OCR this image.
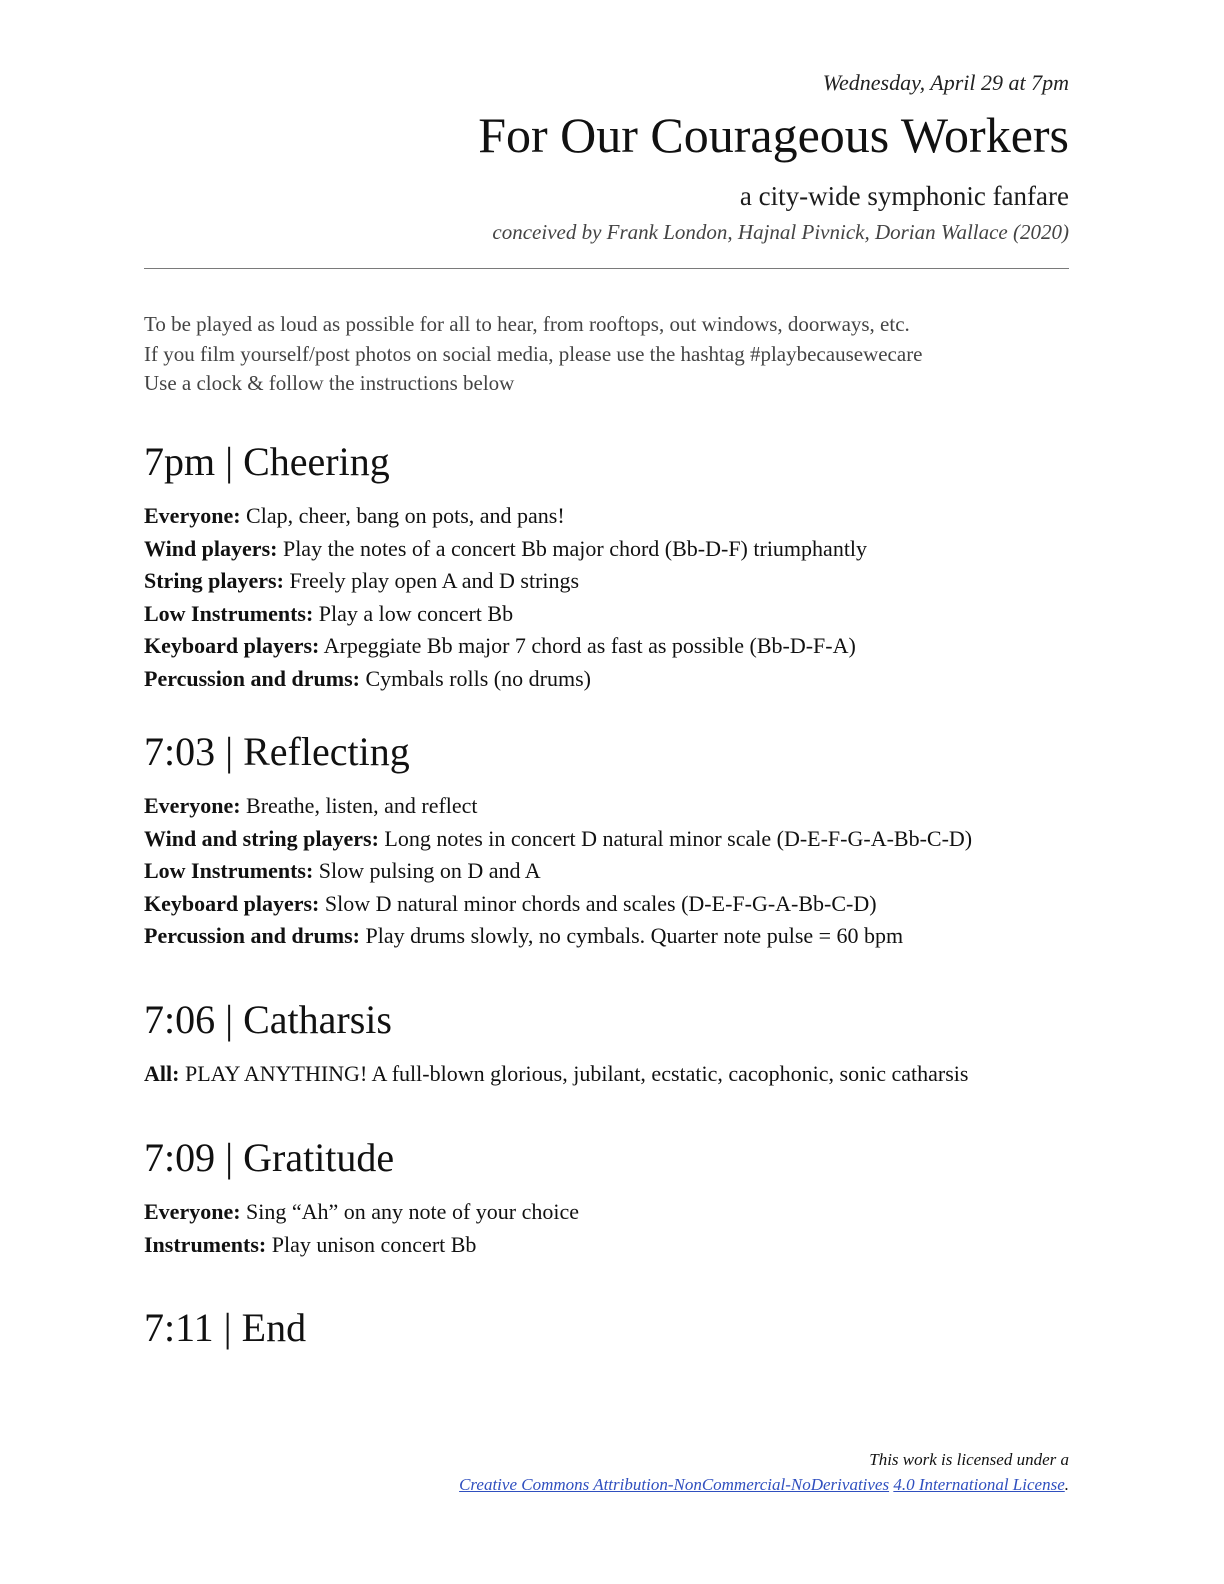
Wednesday, April 29 at 7pm
For Our Courageous Workers
a city-wide symphonic fanfare
conceived by Frank London, Hajnal Pivnick, Dorian Wallace (2020)
To be played as loud as possible for all to hear, from rooftops, out windows, doorways, etc.
If you film yourself/post photos on social media, please use the hashtag #playbecausewecare
Use a clock & follow the instructions below
7pm | Cheering
Everyone: Clap, cheer, bang on pots, and pans!
Wind players: Play the notes of a concert Bb major chord (Bb-D-F) triumphantly
String players: Freely play open A and D strings
Low Instruments: Play a low concert Bb
Keyboard players: Arpeggiate Bb major 7 chord as fast as possible (Bb-D-F-A)
Percussion and drums: Cymbals rolls (no drums)
7:03 | Reflecting
Everyone: Breathe, listen, and reflect
Wind and string players: Long notes in concert D natural minor scale (D-E-F-G-A-Bb-C-D)
Low Instruments: Slow pulsing on D and A
Keyboard players: Slow D natural minor chords and scales (D-E-F-G-A-Bb-C-D)
Percussion and drums: Play drums slowly, no cymbals. Quarter note pulse = 60 bpm
7:06 | Catharsis
All: PLAY ANYTHING! A full-blown glorious, jubilant, ecstatic, cacophonic, sonic catharsis
7:09 | Gratitude
Everyone: Sing “Ah” on any note of your choice
Instruments: Play unison concert Bb
7:11 | End
This work is licensed under a
Creative Commons Attribution-NonCommercial-NoDerivatives 4.0 International License.
